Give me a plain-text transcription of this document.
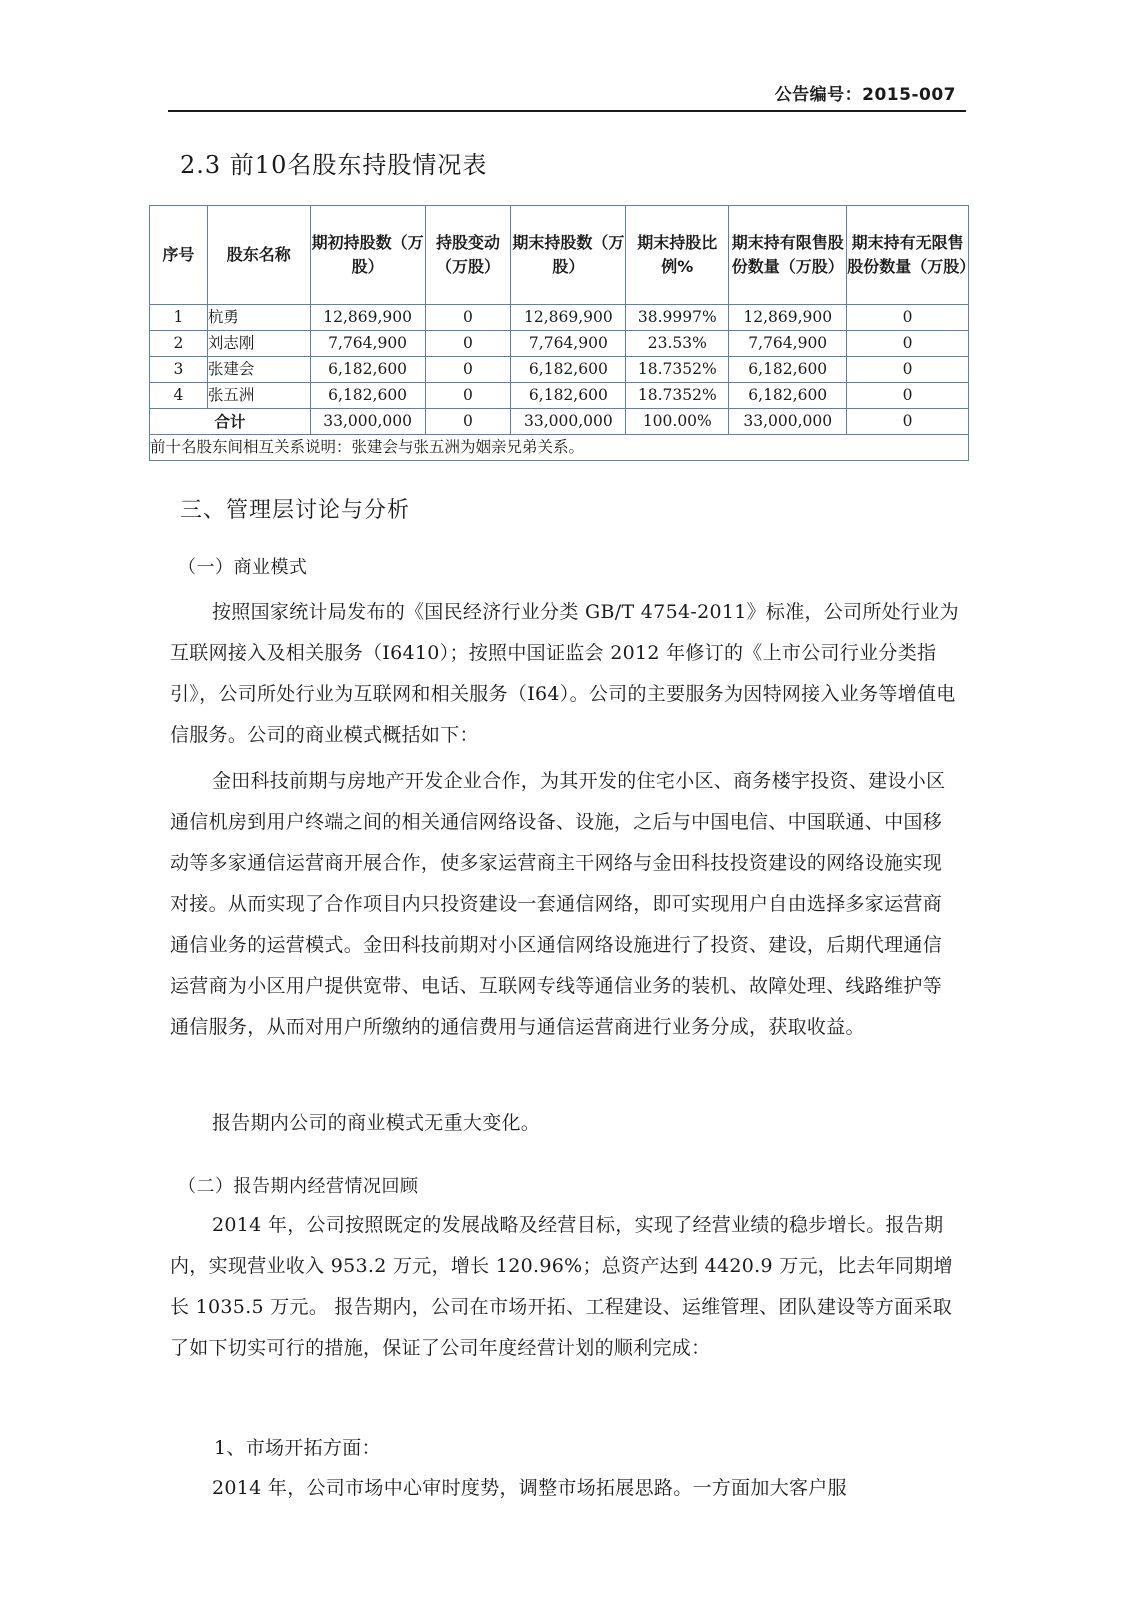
公告编号：2015-007
2.3 前10名股东持股情况表
序号	股东名称	期初持股数（万股）	持股变动（万股）	期末持股数（万股）	期末持股比例%	期末持有限售股份数量（万股）	期末持有无限售股份数量（万股）
1	杭勇	12,869,900	0	12,869,900	38.9997%	12,869,900	0
2	刘志刚	7,764,900	0	7,764,900	23.53%	7,764,900	0
3	张建会	6,182,600	0	6,182,600	18.7352%	6,182,600	0
4	张五洲	6,182,600	0	6,182,600	18.7352%	6,182,600	0
合计		33,000,000	0	33,000,000	100.00%	33,000,000	0
前十名股东间相互关系说明：张建会与张五洲为姻亲兄弟关系。							
三、管理层讨论与分析
（一）商业模式

按照国家统计局发布的《国民经济行业分类 GB/T 4754-2011》标准，公司所处行业为互联网接入及相关服务（I6410）；按照中国证监会 2012 年修订的《上市公司行业分类指引》，公司所处行业为互联网和相关服务（I64）。公司的主要服务为因特网接入业务等增值电信服务。公司的商业模式概括如下：

金田科技前期与房地产开发企业合作，为其开发的住宅小区、商务楼宇投资、建设小区通信机房到用户终端之间的相关通信网络设备、设施，之后与中国电信、中国联通、中国移动等多家通信运营商开展合作，使多家运营商主干网络与金田科技投资建设的网络设施实现对接。从而实现了合作项目内只投资建设一套通信网络，即可实现用户自由选择多家运营商通信业务的运营模式。金田科技前期对小区通信网络设施进行了投资、建设，后期代理通信运营商为小区用户提供宽带、电话、互联网专线等通信业务的装机、故障处理、线路维护等通信服务，从而对用户所缴纳的通信费用与通信运营商进行业务分成，获取收益。

报告期内公司的商业模式无重大变化。

（二）报告期内经营情况回顾

2014 年，公司按照既定的发展战略及经营目标，实现了经营业绩的稳步增长。报告期内，实现营业收入 953.2 万元，增长 120.96%；总资产达到 4420.9 万元，比去年同期增长 1035.5 万元。 报告期内，公司在市场开拓、工程建设、运维管理、团队建设等方面采取了如下切实可行的措施，保证了公司年度经营计划的顺利完成：

1、市场开拓方面：

2014 年，公司市场中心审时度势，调整市场拓展思路。一方面加大客户服
